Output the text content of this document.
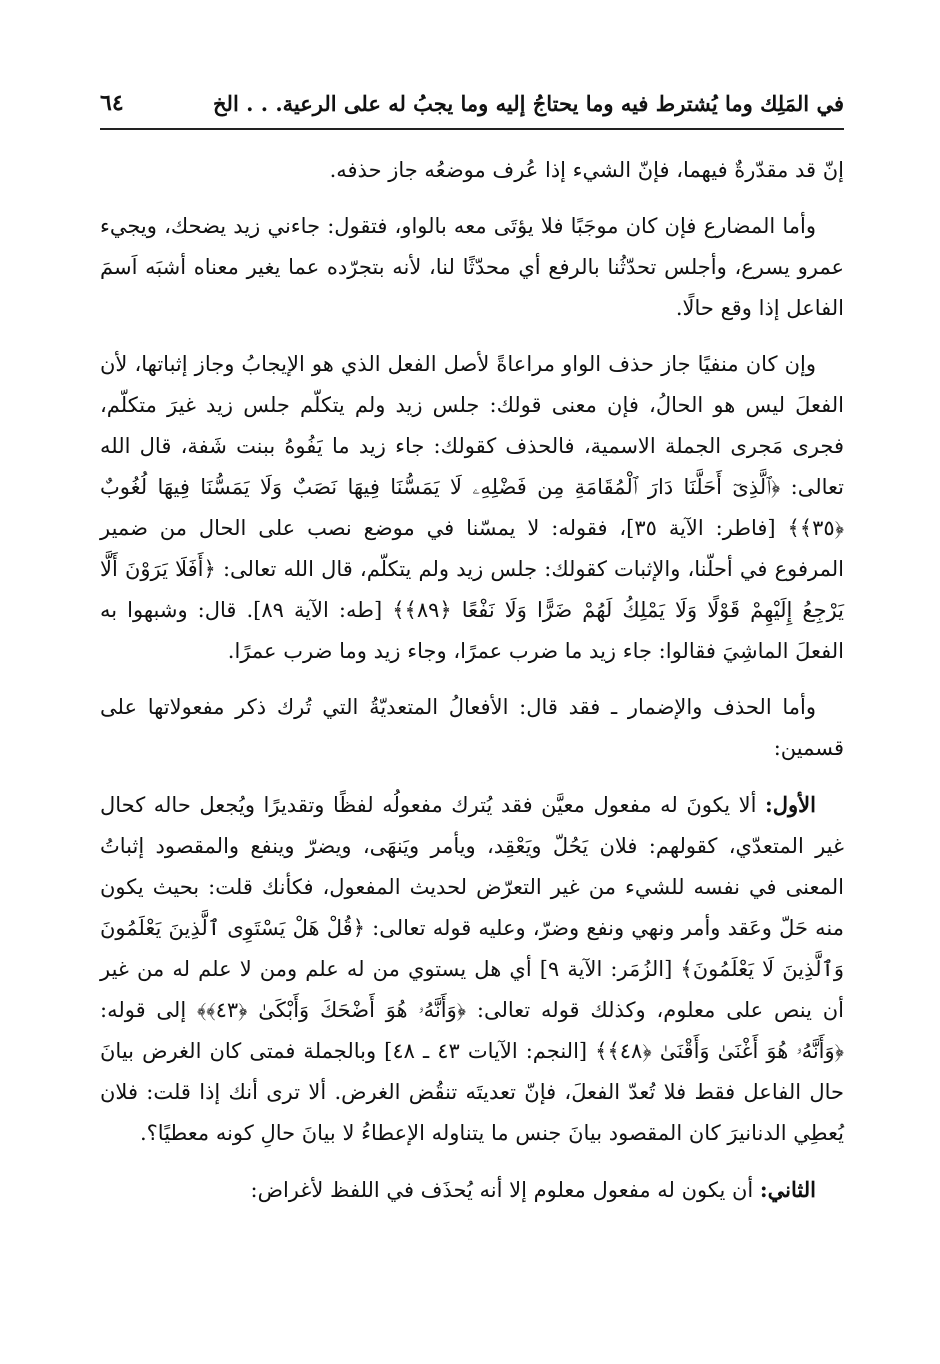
في المَلِك وما يُشترط فيه وما يحتاجُ إليه وما يجبُ له على الرعية. . . الخ
٦٤

إنّ قد مقدّرةٌ فيهما، فإنّ الشيء إذا عُرف موضعُه جاز حذفه.

وأما المضارع فإن كان موجَبًا فلا يؤتَى معه بالواو، فتقول: جاءني زيد يضحك، ويجيء عمرو يسرع، وأجلس تحدّثُنا بالرفع أي محدّثًا لنا، لأنه بتجرّده عما يغير معناه أشبَه اَسمَ الفاعل إذا وقع حالًا.

وإن كان منفيًا جاز حذف الواو مراعاةً لأصل الفعل الذي هو الإيجابُ وجاز إثباتها، لأن الفعلَ ليس هو الحالُ، فإن معنى قولك: جلس زيد ولم يتكلّم جلس زيد غيرَ متكلّم، فجرى مَجرى الجملة الاسمية، فالحذف كقولك: جاء زيد ما يَفُوهُ ببنت شَفة، قال الله تعالى: ﴿ٱلَّذِىٓ أَحَلَّنَا دَارَ ٱلْمُقَامَةِ مِن فَضْلِهِۦ لَا يَمَسُّنَا فِيهَا نَصَبٌ وَلَا يَمَسُّنَا فِيهَا لُغُوبٌ ﴿٣٥﴾﴾ [فاطر: الآية ٣٥]، فقوله: لا يمسّنا في موضع نصب على الحال من ضمير المرفوع في أحلّنا، والإثبات كقولك: جلس زيد ولم يتكلّم، قال الله تعالى: ﴿أَفَلَا يَرَوْنَ أَلَّا يَرْجِعُ إِلَيْهِمْ قَوْلًا وَلَا يَمْلِكُ لَهُمْ ضَرًّا وَلَا نَفْعًا ﴿٨٩﴾﴾ [طه: الآية ٨٩]. قال: وشبهوا به الفعلَ الماشِيَ فقالوا: جاء زيد ما ضرب عمرًا، وجاء زيد وما ضرب عمرًا.

وأما الحذف والإضمار ـ فقد قال: الأفعالُ المتعديّةُ التي تُرك ذكر مفعولاتها على قسمين:

الأول: ألا يكونَ له مفعول معيَّن فقد يُترك مفعولُه لفظًا وتقديرًا ويُجعل حاله كحال غير المتعدّي، كقولهم: فلان يَحُلّ ويَعْقِد، ويأمر ويَنهَى، ويضرّ وينفع والمقصود إثباتُ المعنى في نفسه للشيء من غير التعرّض لحديث المفعول، فكأنك قلت: بحيث يكون منه حَلّ وعَقد وأمر ونهي ونفع وضرّ، وعليه قوله تعالى: ﴿قُلْ هَلْ يَسْتَوِى ٱلَّذِينَ يَعْلَمُونَ وَٱلَّذِينَ لَا يَعْلَمُونَ﴾ [الزُمَر: الآية ٩] أي هل يستوي من له علم ومن لا علم له من غير أن ينص على معلوم، وكذلك قوله تعالى: ﴿وَأَنَّهُۥ هُوَ أَضْحَكَ وَأَبْكَىٰ ﴿٤٣﴾﴾ إلى قوله: ﴿وَأَنَّهُۥ هُوَ أَغْنَىٰ وَأَقْنَىٰ ﴿٤٨﴾﴾ [النجم: الآيات ٤٣ ـ ٤٨] وبالجملة فمتى كان الغرض بيانَ حال الفاعل فقط فلا تُعدّ الفعلَ، فإنّ تعديتَه تنقُض الغرض. ألا ترى أنك إذا قلت: فلان يُعطِي الدنانيرَ كان المقصود بيانَ جنس ما يتناوله الإعطاءُ لا بيانَ حالِ كونه معطيًا؟.

الثاني: أن يكون له مفعول معلوم إلا أنه يُحذَف في اللفظ لأغراض:
